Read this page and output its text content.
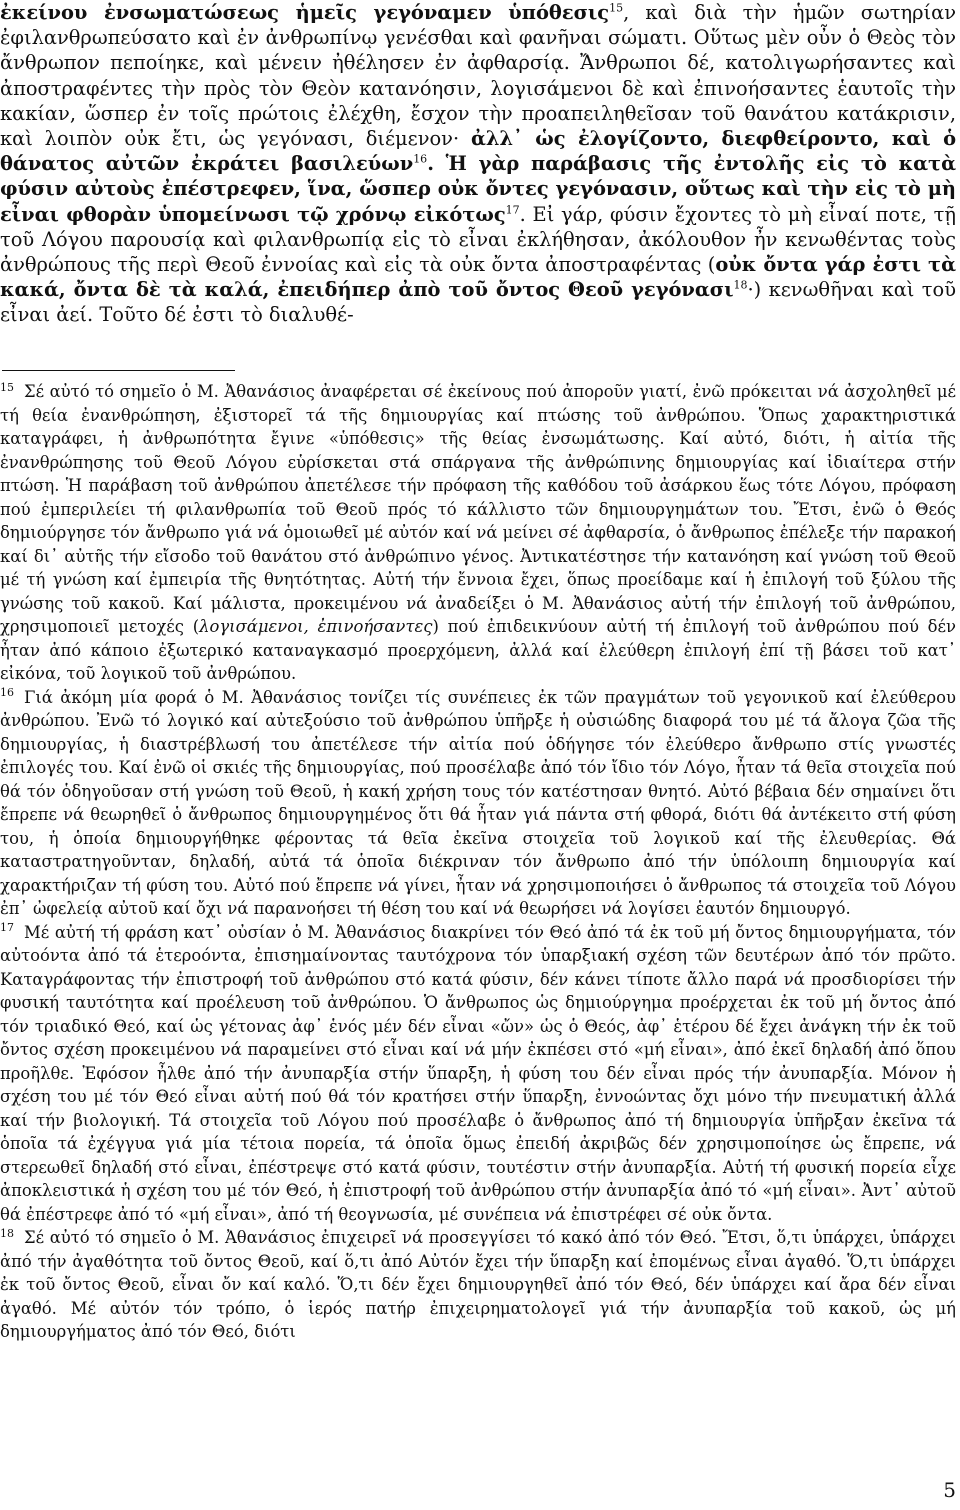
ἐκείνου ἐνσωματώσεως ἡμεῖς γεγόναμεν ὑπόθεσις$^{15}$, καὶ διὰ τὴν ἡμῶν σωτηρίαν ἐφιλανθρωπεύσατο καὶ ἐν ἀνθρωπίνῳ γενέσθαι καὶ φανῆναι σώματι. Οὕτως μὲν οὖν ὁ Θεὸς τὸν ἄνθρωπον πεποίηκε, καὶ μένειν ἠθέλησεν ἐν ἀφθαρσίᾳ. Ἄνθρωποι δέ, κατολιγωρήσαντες καὶ ἀποστραφέντες τὴν πρὸς τὸν Θεὸν κατανόησιν, λογισάμενοι δὲ καὶ ἐπινοήσαντες ἑαυτοῖς τὴν κακίαν, ὥσπερ ἐν τοῖς πρώτοις ἐλέχθη, ἔσχον τὴν προαπειληθεῖσαν τοῦ θανάτου κατάκρισιν, καὶ λοιπὸν οὐκ ἔτι, ὡς γεγόνασι, διέμενον· ἀλλ᾽ ὡς ἐλογίζοντο, διεφθείροντο, καὶ ὁ θάνατος αὐτῶν ἐκράτει βασιλεύων$^{16}$. Ἡ γὰρ παράβασις τῆς ἐντολῆς εἰς τὸ κατὰ φύσιν αὐτοὺς ἐπέστρεφεν, ἵνα, ὥσπερ οὐκ ὄντες γεγόνασιν, οὕτως καὶ τὴν εἰς τὸ μὴ εἶναι φθορὰν ὑπομείνωσι τῷ χρόνῳ εἰκότως$^{17}$. Εἰ γάρ, φύσιν ἔχοντες τὸ μὴ εἶναί ποτε, τῇ τοῦ Λόγου παρουσίᾳ καὶ φιλανθρωπίᾳ εἰς τὸ εἶναι ἐκλήθησαν, ἀκόλουθον ἦν κενωθέντας τοὺς ἀνθρώπους τῆς περὶ Θεοῦ ἐννοίας καὶ εἰς τὰ οὐκ ὄντα ἀποστραφέντας (οὐκ ὄντα γάρ ἐστι τὰ κακά, ὄντα δὲ τὰ καλά, ἐπειδήπερ ἀπὸ τοῦ ὄντος Θεοῦ γεγόνασι$^{18}$·) κενωθῆναι καὶ τοῦ εἶναι ἀεί. Τοῦτο δέ ἐστι τὸ διαλυθέ-

$^{15}$ Σέ αὐτό τό σημεῖο ὁ Μ. Ἀθανάσιος ἀναφέρεται σέ ἐκείνους πού ἀποροῦν γιατί, ἐνῶ πρόκειται νά ἀσχοληθεῖ μέ τή θεία ἐνανθρώπηση, ἐξιστορεῖ τά τῆς δημιουργίας καί πτώσης τοῦ ἀνθρώπου. Ὅπως χαρακτηριστικά καταγράφει, ἡ ἀνθρωπότητα ἔγινε «ὑπόθεσις» τῆς θείας ἐνσωμάτωσης. Καί αὐτό, διότι, ἡ αἰτία τῆς ἐνανθρώπησης τοῦ Θεοῦ Λόγου εὑρίσκεται στά σπάργανα τῆς ἀνθρώπινης δημιουργίας καί ἰδιαίτερα στήν πτώση. Ἡ παράβαση τοῦ ἀνθρώπου ἀπετέλεσε τήν πρόφαση τῆς καθόδου τοῦ ἀσάρκου ἕως τότε Λόγου, πρόφαση πού ἐμπεριλείει τή φιλανθρωπία τοῦ Θεοῦ πρός τό κάλλιστο τῶν δημιουργημάτων του. Ἔτσι, ἐνῶ ὁ Θεός δημιούργησε τόν ἄνθρωπο γιά νά ὁμοιωθεῖ μέ αὐτόν καί νά μείνει σέ ἀφθαρσία, ὁ ἄνθρωπος ἐπέλεξε τήν παρακοή καί δι᾽ αὐτῆς τήν εἴσοδο τοῦ θανάτου στό ἀνθρώπινο γένος. Ἀντικατέστησε τήν κατανόηση καί γνώση τοῦ Θεοῦ μέ τή γνώση καί ἐμπειρία τῆς θνητότητας. Αὐτή τήν ἔννοια ἔχει, ὅπως προείδαμε καί ἡ ἐπιλογή τοῦ ξύλου τῆς γνώσης τοῦ κακοῦ. Καί μάλιστα, προκειμένου νά ἀναδείξει ὁ Μ. Ἀθανάσιος αὐτή τήν ἐπιλογή τοῦ ἀνθρώπου, χρησιμοποιεῖ μετοχές (λογισάμενοι, ἐπινοήσαντες) πού ἐπιδεικνύουν αὐτή τή ἐπιλογή τοῦ ἀνθρώπου πού δέν ἦταν ἀπό κάποιο ἐξωτερικό καταναγκασμό προερχόμενη, ἀλλά καί ἐλεύθερη ἐπιλογή ἐπί τῇ βάσει τοῦ κατ᾽ εἰκόνα, τοῦ λογικοῦ τοῦ ἀνθρώπου.

$^{16}$ Γιά ἀκόμη μία φορά ὁ Μ. Ἀθανάσιος τονίζει τίς συνέπειες ἐκ τῶν πραγμάτων τοῦ γεγονικοῦ καί ἐλεύθερου ἀνθρώπου. Ἐνῶ τό λογικό καί αὐτεξούσιο τοῦ ἀνθρώπου ὑπῆρξε ἡ οὐσιώδης διαφορά του μέ τά ἄλογα ζῶα τῆς δημιουργίας, ἡ διαστρέβλωσή του ἀπετέλεσε τήν αἰτία πού ὁδήγησε τόν ἐλεύθερο ἄνθρωπο στίς γνωστές ἐπιλογές του. Καί ἐνῶ οἱ σκιές τῆς δημιουργίας, πού προσέλαβε ἀπό τόν ἴδιο τόν Λόγο, ἦταν τά θεῖα στοιχεῖα πού θά τόν ὁδηγοῦσαν στή γνώση τοῦ Θεοῦ, ἡ κακή χρήση τους τόν κατέστησαν θνητό. Αὐτό βέβαια δέν σημαίνει ὅτι ἔπρεπε νά θεωρηθεῖ ὁ ἄνθρωπος δημιουργημένος ὅτι θά ἦταν γιά πάντα στή φθορά, διότι θά ἀντέκειτο στή φύση του, ἡ ὁποία δημιουργήθηκε φέροντας τά θεῖα ἐκεῖνα στοιχεῖα τοῦ λογικοῦ καί τῆς ἐλευθερίας. Θά καταστρατηγοῦνταν, δηλαδή, αὐτά τά ὁποῖα διέκριναν τόν ἄνθρωπο ἀπό τήν ὑπόλοιπη δημιουργία καί χαρακτήριζαν τή φύση του. Αὐτό πού ἔπρεπε νά γίνει, ἦταν νά χρησιμοποιήσει ὁ ἄνθρωπος τά στοιχεῖα τοῦ Λόγου ἐπ᾽ ὠφελείᾳ αὐτοῦ καί ὄχι νά παρανοήσει τή θέση του καί νά θεωρήσει νά λογίσει ἑαυτόν δημιουργό.

$^{17}$ Μέ αὐτή τή φράση κατ᾽ οὐσίαν ὁ Μ. Ἀθανάσιος διακρίνει τόν Θεό ἀπό τά ἐκ τοῦ μή ὄντος δημιουργήματα, τόν αὐτοόντα ἀπό τά ἑτεροόντα, ἐπισημαίνοντας ταυτόχρονα τόν ὑπαρξιακή σχέση τῶν δευτέρων ἀπό τόν πρῶτο. Καταγράφοντας τήν ἐπιστροφή τοῦ ἀνθρώπου στό κατά φύσιν, δέν κάνει τίποτε ἄλλο παρά νά προσδιορίσει τήν φυσική ταυτότητα καί προέλευση τοῦ ἀνθρώπου. Ὁ ἄνθρωπος ὡς δημιούργημα προέρχεται ἐκ τοῦ μή ὄντος ἀπό τόν τριαδικό Θεό, καί ὡς γέτονας ἀφ᾽ ἑνός μέν δέν εἶναι «ὤν» ὡς ὁ Θεός, ἀφ᾽ ἑτέρου δέ ἔχει ἀνάγκη τήν ἐκ τοῦ ὄντος σχέση προκειμένου νά παραμείνει στό εἶναι καί νά μήν ἐκπέσει στό «μή εἶναι», ἀπό ἐκεῖ δηλαδή ἀπό ὅπου προῆλθε. Ἐφόσον ἦλθε ἀπό τήν ἀνυπαρξία στήν ὕπαρξη, ἡ φύση του δέν εἶναι πρός τήν ἀνυπαρξία. Μόνον ἡ σχέση του μέ τόν Θεό εἶναι αὐτή πού θά τόν κρατήσει στήν ὕπαρξη, ἐννοώντας ὄχι μόνο τήν πνευματική ἀλλά καί τήν βιολογική. Τά στοιχεῖα τοῦ Λόγου πού προσέλαβε ὁ ἄνθρωπος ἀπό τή δημιουργία ὑπῆρξαν ἐκεῖνα τά ὁποῖα τά ἐχέγγυα γιά μία τέτοια πορεία, τά ὁποῖα ὅμως ἐπειδή ἀκριβῶς δέν χρησιμοποίησε ὡς ἔπρεπε, νά στερεωθεῖ δηλαδή στό εἶναι, ἐπέστρεψε στό κατά φύσιν, τουτέστιν στήν ἀνυπαρξία. Αὐτή τή φυσική πορεία εἶχε ἀποκλειστικά ἡ σχέση του μέ τόν Θεό, ἡ ἐπιστροφή τοῦ ἀνθρώπου στήν ἀνυπαρξία ἀπό τό «μή εἶναι». Ἀντ᾽ αὐτοῦ θά ἐπέστρεφε ἀπό τό «μή εἶναι», ἀπό τή θεογνωσία, μέ συνέπεια νά ἐπιστρέφει σέ οὐκ ὄντα.

$^{18}$ Σέ αὐτό τό σημεῖο ὁ Μ. Ἀθανάσιος ἐπιχειρεῖ νά προσεγγίσει τό κακό ἀπό τόν Θεό. Ἔτσι, ὅ,τι ὑπάρχει, ὑπάρχει ἀπό τήν ἀγαθότητα τοῦ ὄντος Θεοῦ, καί ὅ,τι ἀπό Αὐτόν ἔχει τήν ὕπαρξη καί ἐπομένως εἶναι ἀγαθό. Ὅ,τι ὑπάρχει ἐκ τοῦ ὄντος Θεοῦ, εἶναι ὄν καί καλό. Ὅ,τι δέν ἔχει δημιουργηθεῖ ἀπό τόν Θεό, δέν ὑπάρχει καί ἄρα δέν εἶναι ἀγαθό. Μέ αὐτόν τόν τρόπο, ὁ ἱερός πατήρ ἐπιχειρηματολογεῖ γιά τήν ἀνυπαρξία τοῦ κακοῦ, ὡς μή δημιουργήματος ἀπό τόν Θεό, διότι

5
